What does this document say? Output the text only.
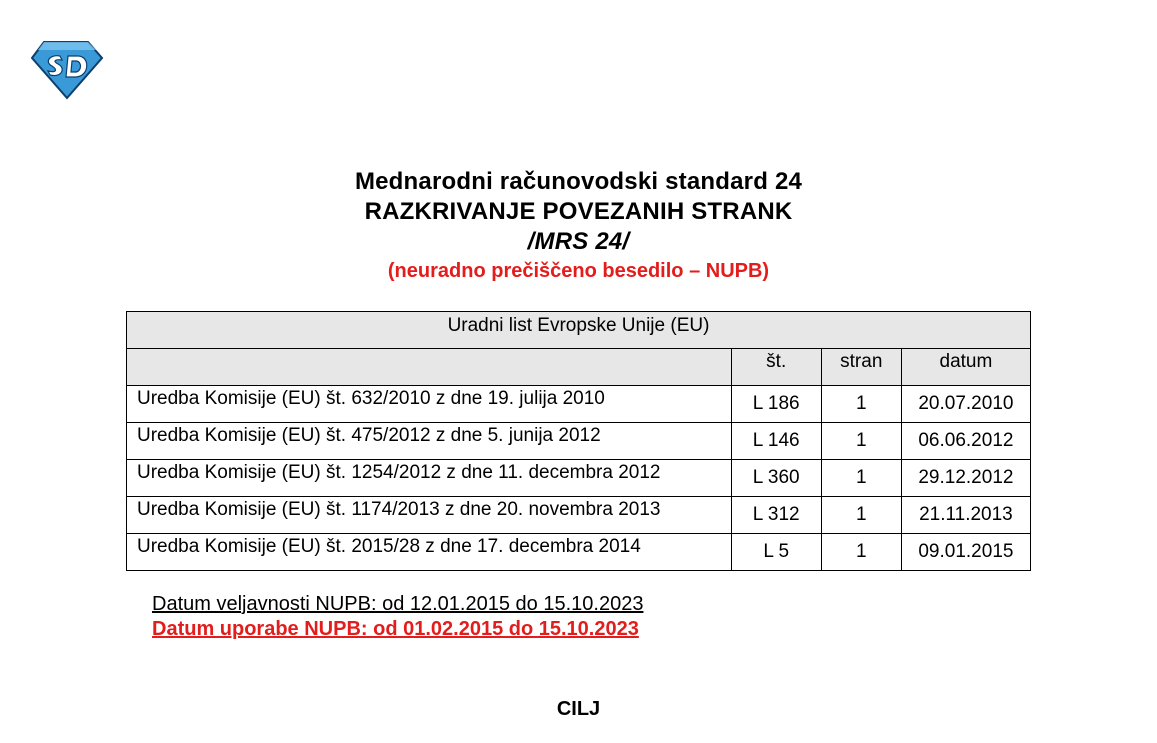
Mednarodni računovodski standard 24
RAZKRIVANJE POVEZANIH STRANK
/MRS 24/
(neuradno prečiščeno besedilo – NUPB)
Uradni list Evropske Unije (EU)			
	št.	stran	datum
Uredba Komisije (EU) št. 632/2010 z dne 19. julija 2010	L 186	1	20.07.2010
Uredba Komisije (EU) št. 475/2012 z dne 5. junija 2012	L 146	1	06.06.2012
Uredba Komisije (EU) št. 1254/2012 z dne 11. decembra 2012	L 360	1	29.12.2012
Uredba Komisije (EU) št. 1174/2013 z dne 20. novembra 2013	L 312	1	21.11.2013
Uredba Komisije (EU) št. 2015/28 z dne 17. decembra 2014	L 5	1	09.01.2015
Datum veljavnosti NUPB: od 12.01.2015 do 15.10.2023
Datum uporabe NUPB: od 01.02.2015 do 15.10.2023
CILJ
